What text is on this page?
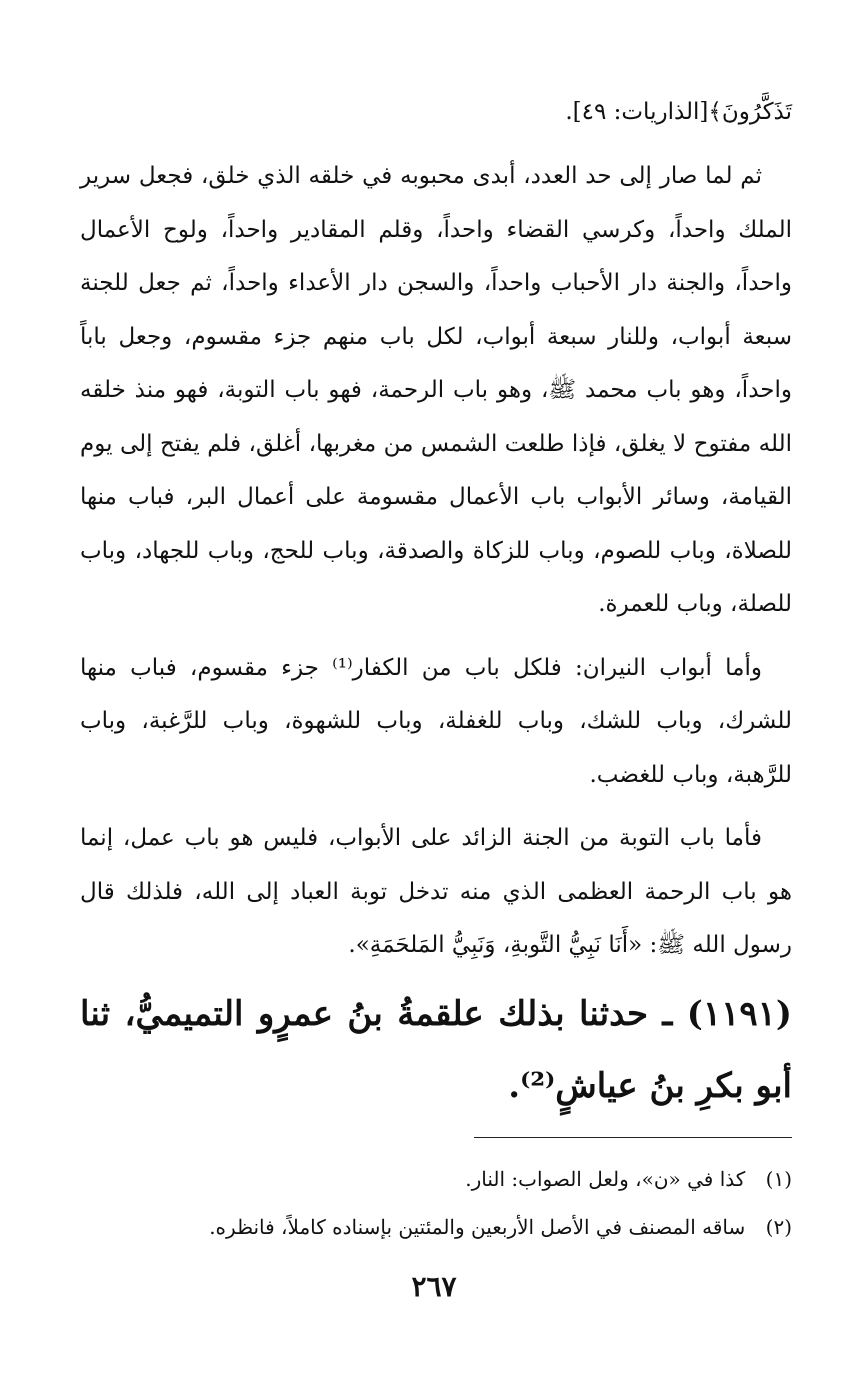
تَذَكَّرُونَ﴾[الذاريات: ٤٩].

ثم لما صار إلى حد العدد، أبدى محبوبه في خلقه الذي خلق، فجعل سرير الملك واحداً، وكرسي القضاء واحداً، وقلم المقادير واحداً، ولوح الأعمال واحداً، والجنة دار الأحباب واحداً، والسجن دار الأعداء واحداً، ثم جعل للجنة سبعة أبواب، وللنار سبعة أبواب، لكل باب منهم جزء مقسوم، وجعل باباً واحداً، وهو باب محمد ﷺ، وهو باب الرحمة، فهو باب التوبة، فهو منذ خلقه الله مفتوح لا يغلق، فإذا طلعت الشمس من مغربها، أغلق، فلم يفتح إلى يوم القيامة، وسائر الأبواب باب الأعمال مقسومة على أعمال البر، فباب منها للصلاة، وباب للصوم، وباب للزكاة والصدقة، وباب للحج، وباب للجهاد، وباب للصلة، وباب للعمرة.

وأما أبواب النيران: فلكل باب من الكفار⁽¹⁾ جزء مقسوم، فباب منها للشرك، وباب للشك، وباب للغفلة، وباب للشهوة، وباب للرَّغبة، وباب للرَّهبة، وباب للغضب.

فأما باب التوبة من الجنة الزائد على الأبواب، فليس هو باب عمل، إنما هو باب الرحمة العظمى الذي منه تدخل توبة العباد إلى الله، فلذلك قال رسول الله ﷺ: «أَنَا نَبِيُّ التَّوبةِ، وَنَبِيُّ المَلحَمَةِ».

(١١٩١) ـ حدثنا بذلك علقمةُ بنُ عمرٍو التميميُّ، ثنا أبو بكرِ بنُ عياشٍ⁽²⁾.

(١) كذا في «ن»، ولعل الصواب: النار.

(٢) ساقه المصنف في الأصل الأربعين والمئتين بإسناده كاملاً، فانظره.

٢٦٧
